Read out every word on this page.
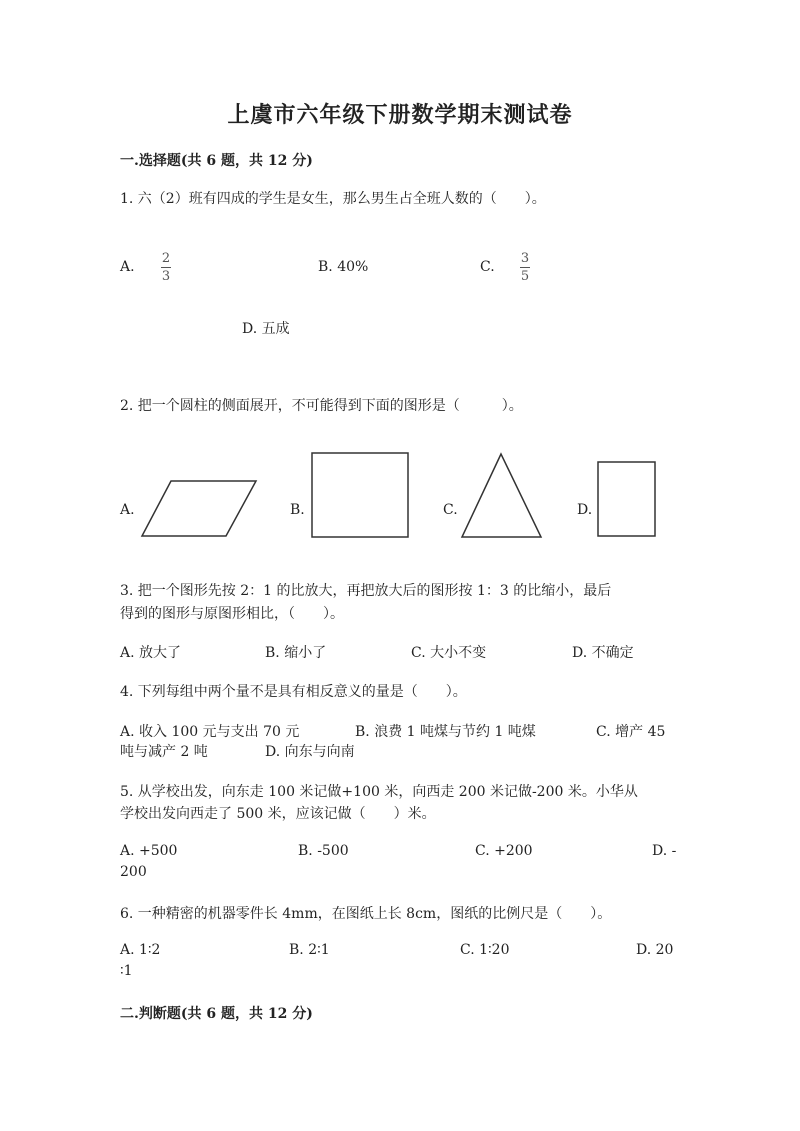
上虞市六年级下册数学期末测试卷
一.选择题(共 6 题，共 12 分)
1. 六（2）班有四成的学生是女生，那么男生占全班人数的（　　）。
A.
2
3
B. 40%	C.
3
5
D. 五成
2. 把一个圆柱的侧面展开，不可能得到下面的图形是（　　　）。
A.	B.	C.	D.
3. 把一个图形先按 2：1 的比放大，再把放大后的图形按 1：3 的比缩小，最后
得到的图形与原图形相比，（　　）。
A. 放大了	B. 缩小了	C. 大小不变	D. 不确定
4. 下列每组中两个量不是具有相反意义的量是（　　）。
A. 收入 100 元与支出 70 元	B. 浪费 1 吨煤与节约 1 吨煤	C. 增产 45
吨与减产 2 吨	D. 向东与向南
5. 从学校出发，向东走 100 米记做+100 米，向西走 200 米记做-200 米。小华从
学校出发向西走了 500 米，应该记做（　　）米。
A. +500	B. -500	C. +200	D. -
200
6. 一种精密的机器零件长 4mm，在图纸上长 8cm，图纸的比例尺是（　　）。
A. 1∶2	B. 2∶1	C. 1∶20	D. 20
∶1
二.判断题(共 6 题，共 12 分)
